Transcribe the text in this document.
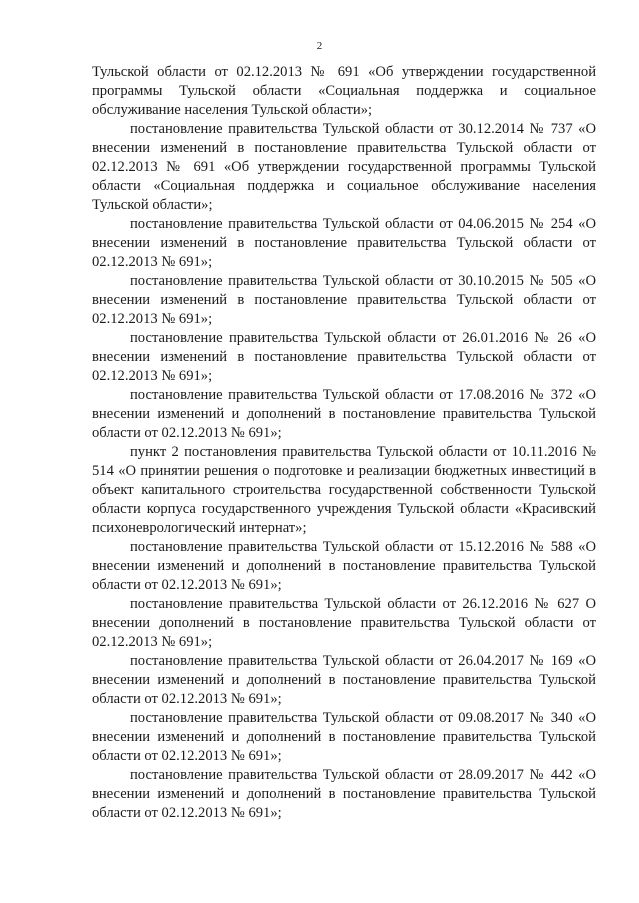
2

Тульской области от 02.12.2013 № 691 «Об утверждении государственной программы Тульской области «Социальная поддержка и социальное обслуживание населения Тульской области»;

постановление правительства Тульской области от 30.12.2014 № 737 «О внесении изменений в постановление правительства Тульской области от 02.12.2013 № 691 «Об утверждении государственной программы Тульской области «Социальная поддержка и социальное обслуживание населения Тульской области»;

постановление правительства Тульской области от 04.06.2015 № 254 «О внесении изменений в постановление правительства Тульской области от 02.12.2013 № 691»;

постановление правительства Тульской области от 30.10.2015 № 505 «О внесении изменений в постановление правительства Тульской области от 02.12.2013 № 691»;

постановление правительства Тульской области от 26.01.2016 № 26 «О внесении изменений в постановление правительства Тульской области от 02.12.2013 № 691»;

постановление правительства Тульской области от 17.08.2016 № 372 «О внесении изменений и дополнений в постановление правительства Тульской области от 02.12.2013 № 691»;

пункт 2 постановления правительства Тульской области от 10.11.2016 № 514 «О принятии решения о подготовке и реализации бюджетных инвестиций в объект капитального строительства государственной собственности Тульской области корпуса государственного учреждения Тульской области «Красивский психоневрологический интернат»;

постановление правительства Тульской области от 15.12.2016 № 588 «О внесении изменений и дополнений в постановление правительства Тульской области от 02.12.2013 № 691»;

постановление правительства Тульской области от 26.12.2016 № 627 О внесении дополнений в постановление правительства Тульской области от 02.12.2013 № 691»;

постановление правительства Тульской области от 26.04.2017 № 169 «О внесении изменений и дополнений в постановление правительства Тульской области от 02.12.2013 № 691»;

постановление правительства Тульской области от 09.08.2017 № 340 «О внесении изменений и дополнений в постановление правительства Тульской области от 02.12.2013 № 691»;

постановление правительства Тульской области от 28.09.2017 № 442 «О внесении изменений и дополнений в постановление правительства Тульской области от 02.12.2013 № 691»;
